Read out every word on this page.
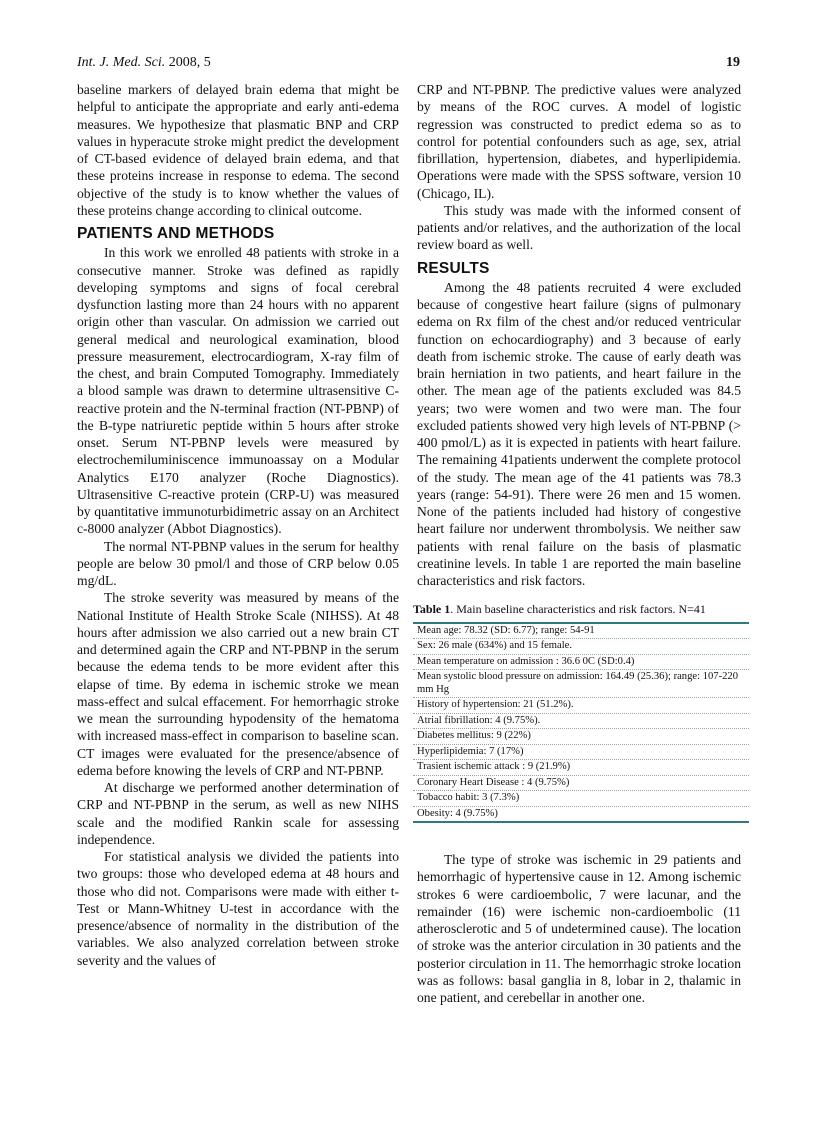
Int. J. Med. Sci. 2008, 5	19

baseline markers of delayed brain edema that might be helpful to anticipate the appropriate and early anti-edema measures. We hypothesize that plasmatic BNP and CRP values in hyperacute stroke might predict the development of CT-based evidence of delayed brain edema, and that these proteins increase in response to edema. The second objective of the study is to know whether the values of these proteins change according to clinical outcome.

PATIENTS AND METHODS

In this work we enrolled 48 patients with stroke in a consecutive manner. Stroke was defined as rapidly developing symptoms and signs of focal cerebral dysfunction lasting more than 24 hours with no apparent origin other than vascular. On admission we carried out general medical and neurological examination, blood pressure measurement, electrocardiogram, X-ray film of the chest, and brain Computed Tomography. Immediately a blood sample was drawn to determine ultrasensitive C-reactive protein and the N-terminal fraction (NT-PBNP) of the B-type natriuretic peptide within 5 hours after stroke onset. Serum NT-PBNP levels were measured by electrochemiluminiscence immunoassay on a Modular Analytics E170 analyzer (Roche Diagnostics). Ultrasensitive C-reactive protein (CRP-U) was measured by quantitative immunoturbidimetric assay on an Architect c-8000 analyzer (Abbot Diagnostics).

The normal NT-PBNP values in the serum for healthy people are below 30 pmol/l and those of CRP below 0.05 mg/dL.

The stroke severity was measured by means of the National Institute of Health Stroke Scale (NIHSS). At 48 hours after admission we also carried out a new brain CT and determined again the CRP and NT-PBNP in the serum because the edema tends to be more evident after this elapse of time. By edema in ischemic stroke we mean mass-effect and sulcal effacement. For hemorrhagic stroke we mean the surrounding hypodensity of the hematoma with increased mass-effect in comparison to baseline scan. CT images were evaluated for the presence/absence of edema before knowing the levels of CRP and NT-PBNP.

At discharge we performed another determination of CRP and NT-PBNP in the serum, as well as new NIHS scale and the modified Rankin scale for assessing independence.

For statistical analysis we divided the patients into two groups: those who developed edema at 48 hours and those who did not. Comparisons were made with either t-Test or Mann-Whitney U-test in accordance with the presence/absence of normality in the distribution of the variables. We also analyzed correlation between stroke severity and the values of

CRP and NT-PBNP. The predictive values were analyzed by means of the ROC curves. A model of logistic regression was constructed to predict edema so as to control for potential confounders such as age, sex, atrial fibrillation, hypertension, diabetes, and hyperlipidemia. Operations were made with the SPSS software, version 10 (Chicago, IL).

This study was made with the informed consent of patients and/or relatives, and the authorization of the local review board as well.

RESULTS

Among the 48 patients recruited 4 were excluded because of congestive heart failure (signs of pulmonary edema on Rx film of the chest and/or reduced ventricular function on echocardiography) and 3 because of early death from ischemic stroke. The cause of early death was brain herniation in two patients, and heart failure in the other. The mean age of the patients excluded was 84.5 years; two were women and two were man. The four excluded patients showed very high levels of NT-PBNP (> 400 pmol/L) as it is expected in patients with heart failure. The remaining 41patients underwent the complete protocol of the study. The mean age of the 41 patients was 78.3 years (range: 54-91). There were 26 men and 15 women. None of the patients included had history of congestive heart failure nor underwent thrombolysis. We neither saw patients with renal failure on the basis of plasmatic creatinine levels. In table 1 are reported the main baseline characteristics and risk factors.

Table 1. Main baseline characteristics and risk factors. N=41
Mean age: 78.32 (SD: 6.77); range: 54-91
Sex: 26 male (634%) and 15 female.
Mean temperature on admission : 36.6 0C (SD:0.4)
Mean systolic blood pressure on admission: 164.49 (25.36); range: 107-220 mm Hg
History of hypertension: 21 (51.2%).
Atrial fibrillation: 4 (9.75%).
Diabetes mellitus: 9 (22%)
Hyperlipidemia: 7 (17%)
Trasient ischemic attack : 9 (21.9%)
Coronary Heart Disease : 4 (9.75%)
Tobacco habit: 3 (7.3%)
Obesity: 4 (9.75%)

The type of stroke was ischemic in 29 patients and hemorrhagic of hypertensive cause in 12. Among ischemic strokes 6 were cardioembolic, 7 were lacunar, and the remainder (16) were ischemic non-cardioembolic (11 atherosclerotic and 5 of undetermined cause). The location of stroke was the anterior circulation in 30 patients and the posterior circulation in 11. The hemorrhagic stroke location was as follows: basal ganglia in 8, lobar in 2, thalamic in one patient, and cerebellar in another one.
